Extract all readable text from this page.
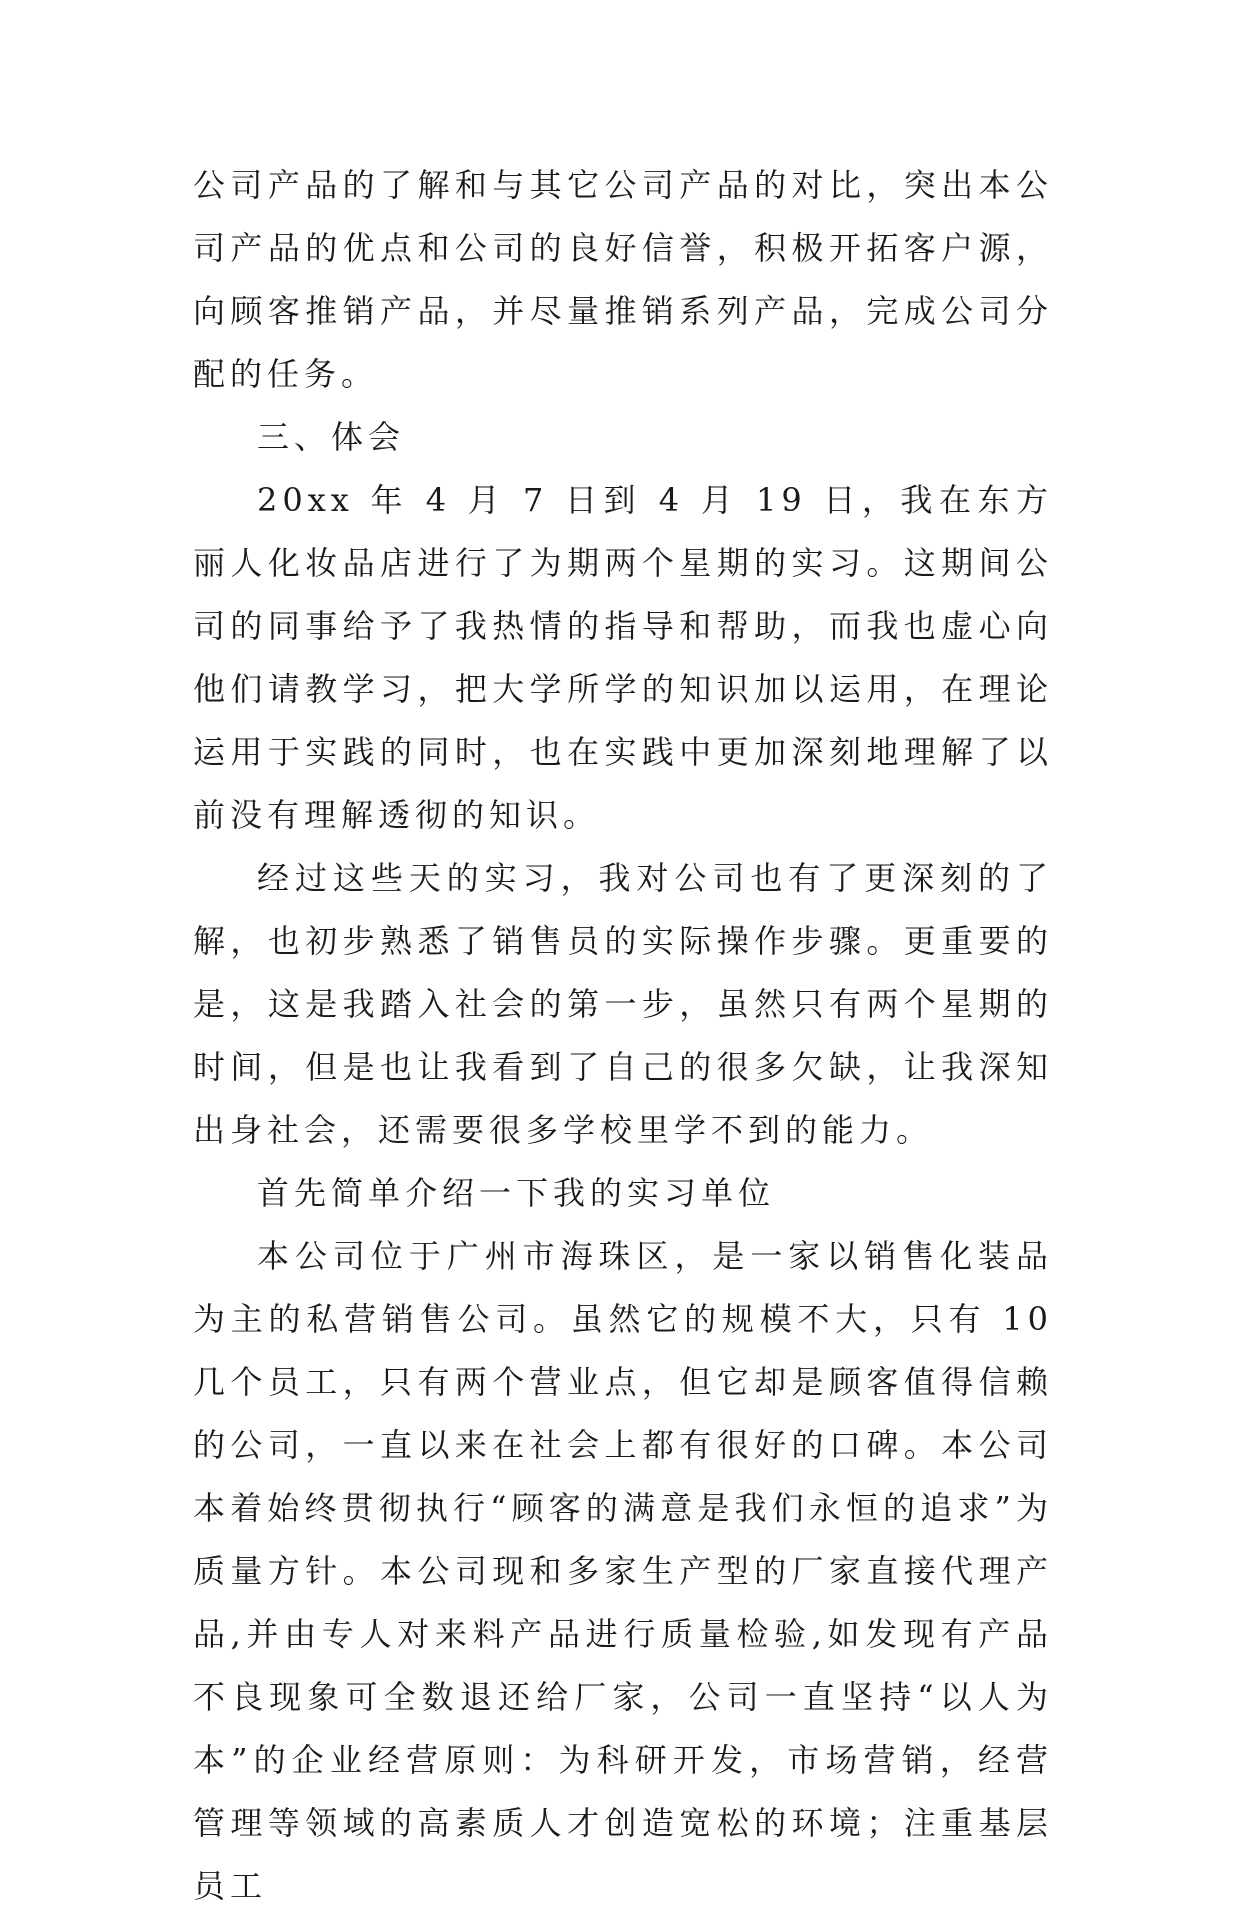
公司产品的了解和与其它公司产品的对比，突出本公司产品的优点和公司的良好信誉，积极开拓客户源，向顾客推销产品，并尽量推销系列产品，完成公司分配的任务。

三、体会

20xx 年 4 月 7 日到 4 月 19 日，我在东方丽人化妆品店进行了为期两个星期的实习。这期间公司的同事给予了我热情的指导和帮助，而我也虚心向他们请教学习，把大学所学的知识加以运用，在理论运用于实践的同时，也在实践中更加深刻地理解了以前没有理解透彻的知识。

经过这些天的实习，我对公司也有了更深刻的了解，也初步熟悉了销售员的实际操作步骤。更重要的是，这是我踏入社会的第一步，虽然只有两个星期的时间，但是也让我看到了自己的很多欠缺，让我深知出身社会，还需要很多学校里学不到的能力。

首先简单介绍一下我的实习单位

本公司位于广州市海珠区，是一家以销售化装品为主的私营销售公司。虽然它的规模不大，只有 10 几个员工，只有两个营业点，但它却是顾客值得信赖的公司，一直以来在社会上都有很好的口碑。本公司本着始终贯彻执行“顾客的满意是我们永恒的追求”为质量方针。本公司现和多家生产型的厂家直接代理产品,并由专人对来料产品进行质量检验,如发现有产品不良现象可全数退还给厂家，公司一直坚持“以人为本”的企业经营原则：为科研开发，市场营销，经营管理等领域的高素质人才创造宽松的环境；注重基层员工
